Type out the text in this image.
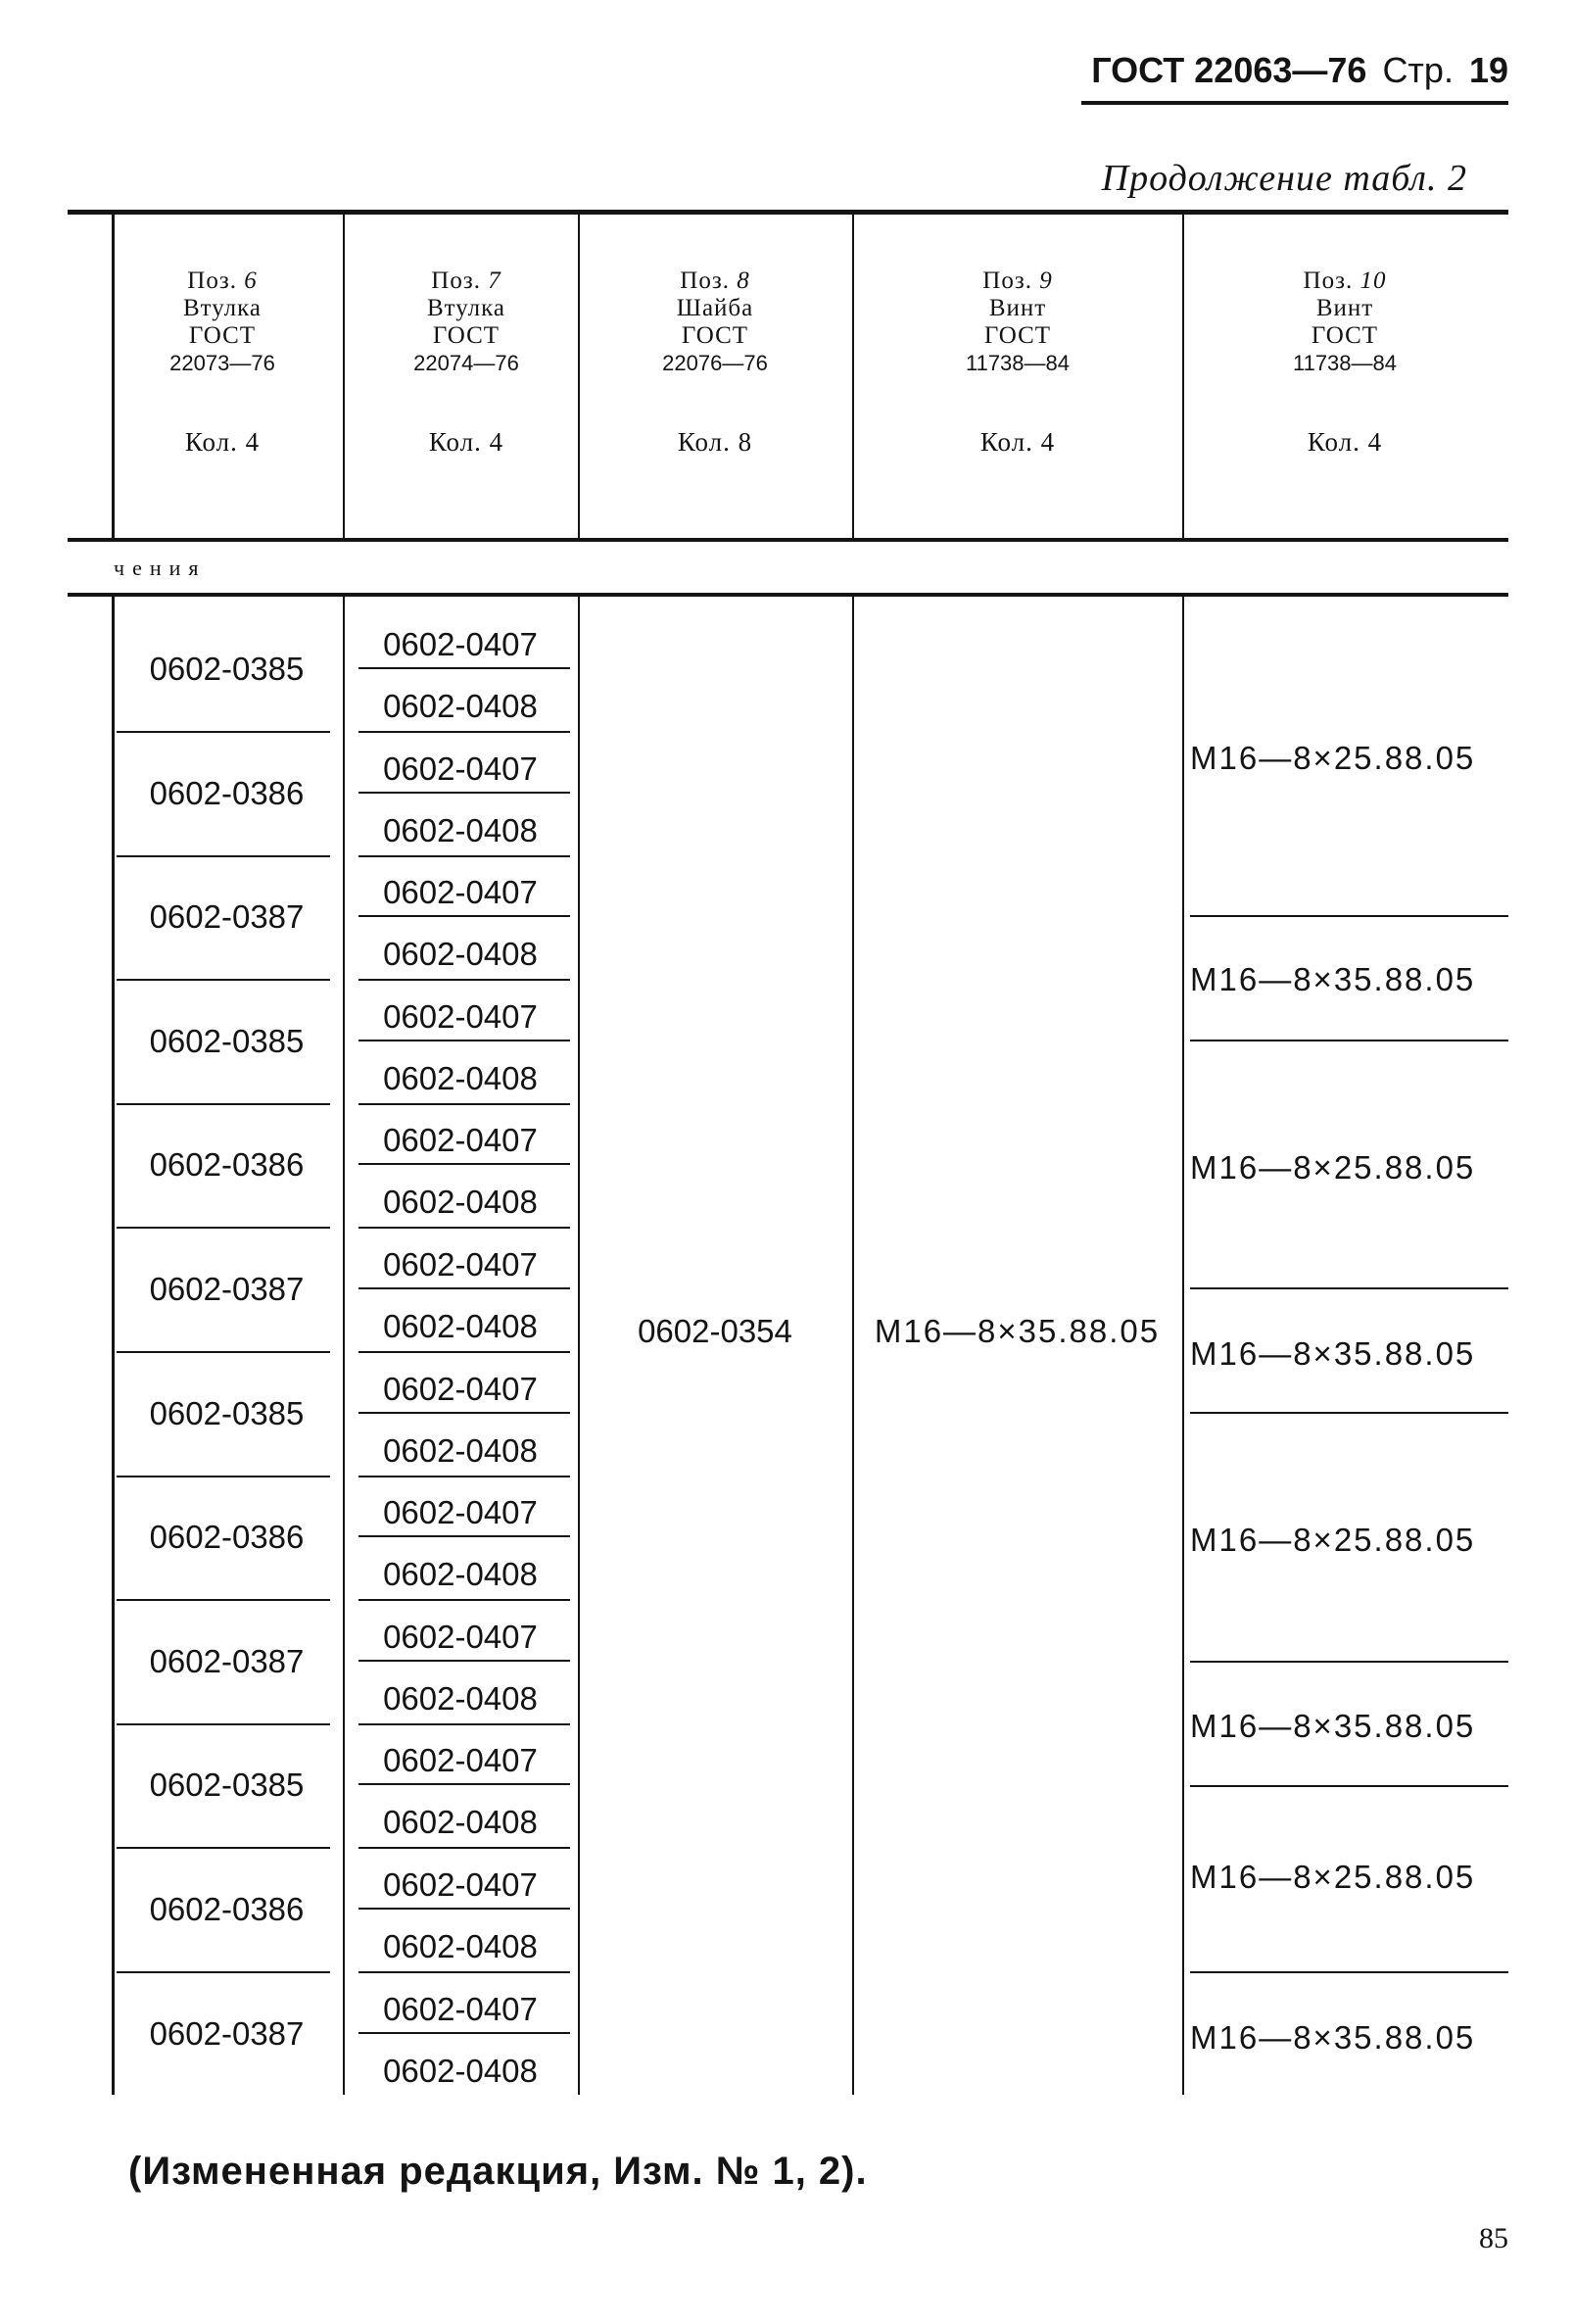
ГОСТ 22063—76 Стр. 19
Продолжение табл. 2
чения
(Измененная редакция, Изм. № 1, 2).
85
Поз. 6
Втулка
ГОСТ
22073—76
Кол. 4
Поз. 7
Втулка
ГОСТ
22074—76
Кол. 4
Поз. 8
Шайба
ГОСТ
22076—76
Кол. 8
Поз. 9
Винт
ГОСТ
11738—84
Кол. 4
Поз. 10
Винт
ГОСТ
11738—84
Кол. 4
0602-0385
0602-0407
0602-0408
0602-0386
0602-0407
0602-0408
0602-0387
0602-0407
0602-0408
0602-0385
0602-0407
0602-0408
0602-0386
0602-0407
0602-0408
0602-0387
0602-0407
0602-0408
0602-0385
0602-0407
0602-0408
0602-0386
0602-0407
0602-0408
0602-0387
0602-0407
0602-0408
0602-0385
0602-0407
0602-0408
0602-0386
0602-0407
0602-0408
0602-0387
0602-0407
0602-0408
0602-0354	M16—8×35.88.05
M16—8×25.88.05
M16—8×35.88.05
M16—8×25.88.05
M16—8×35.88.05
M16—8×25.88.05
M16—8×35.88.05
M16—8×25.88.05
M16—8×35.88.05
